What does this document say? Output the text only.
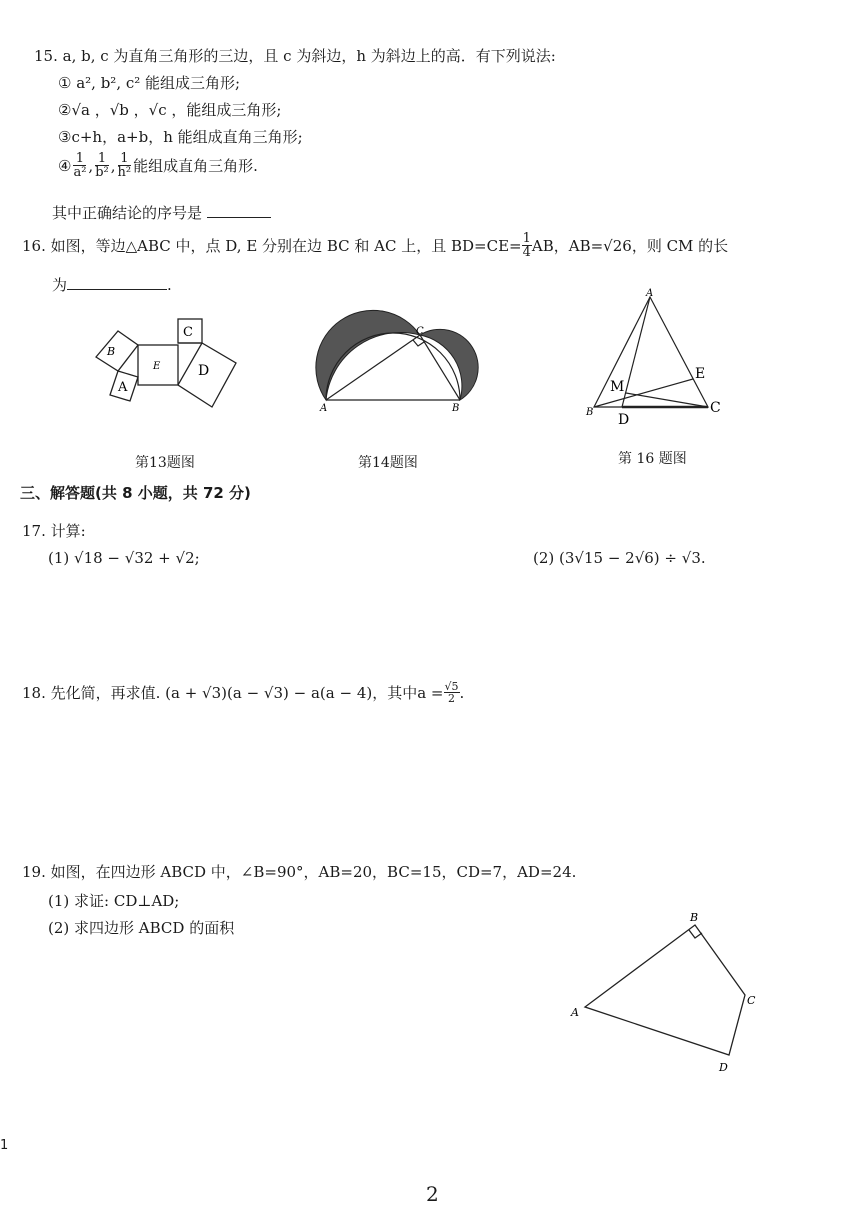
15. a, b, c 为直角三角形的三边，且 c 为斜边，h 为斜边上的高．有下列说法:
① a², b², c² 能组成三角形;
②√a ，√b ，√c ，能组成三角形;
③c+h，a+b，h 能组成直角三角形;
④ $\frac{1}{\text{a²}}$ , $\frac{1}{\text{b²}}$ , $\frac{1}{\text{h²}}$ 能组成直角三角形.
其中正确结论的序号是
16. 如图，等边△ABC 中，点 D, E 分别在边 BC 和 AC 上，且 $BD=CE= \frac{1}{4}$ AB，AB=√26，则 CM 的长
为	.
B
C
E
A
D
A	B
C
A
B	C
D
E
M
第13题图	第14题图	第 16 题图
三、解答题(共 8 小题，共 72 分)
17. 计算:
(1) √18 − √32 + √2;	(2) (3√15 − 2√6) ÷ √3.
18. 先化简，再求值. (a + √3)(a − √3) − a(a − 4)，其中$a = \frac{√5}{2}$ .
19. 如图，在四边形 ABCD 中，∠B=90°，AB=20，BC=15，CD=7，AD=24.
(1) 求证: CD⊥AD;
(2) 求四边形 ABCD 的面积
A
B
C
D
1
2
